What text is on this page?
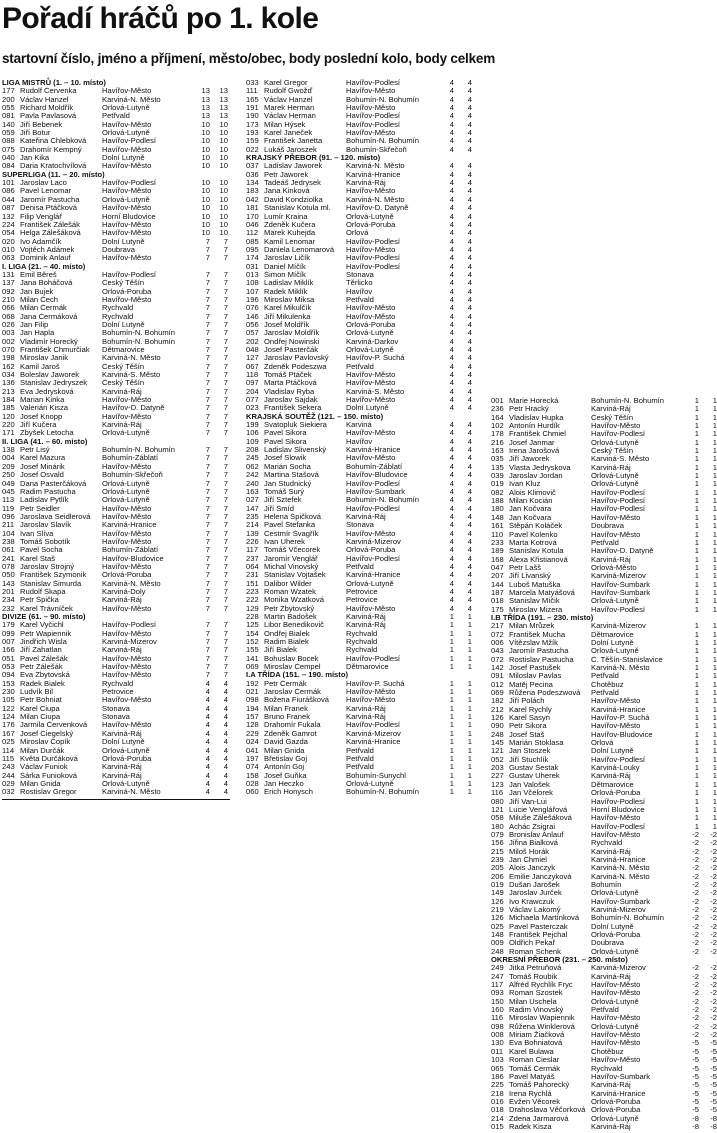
Pořadí hráčů po 1. kole
startovní číslo, jméno a příjmení, město/obec, body poslední kolo, body celkem
LIGA MISTRŮ (1. – 10. místo)
177 Rudolf Červenka	Havířov-Město	13	13
200 Václav Hanzel	Karviná-N. Město	13	13
055 Richard Moldřík	Orlová-Lutyně	13	13
081 Pavla Pavlasová	Petřvald	13	13
140 Jiří Bebenek	Havířov-Město	10	10
059 Jiří Botur	Orlová-Lutyně	10	10
088 Kateřina Chlebková	Havířov-Podlesí	10	10
075 Drahomír Kempný	Havířov-Město	10	10
040 Jan Kika	Dolní Lutyně	10	10
084 Daria Kratochvílová	Havířov-Město	10	10
SUPERLIGA (11. – 20. místo)
101 Jaroslav Laco	Havířov-Podlesí	10	10
086 Pavel Lenomar	Havířov-Město	10	10
044 Jaromír Pastucha	Orlová-Lutyně	10	10
087 Denisa Ptáčková	Havířov-Město	10	10
132 Filip Venglář	Horní Bludovice	10	10
224 František Zálešák	Havířov-Město	10	10
054 Helga Zálešáková	Havířov-Město	10	10
020 Ivo Adamčík	Dolní Lutyně	7	7
010 Vojtěch Adámek	Doubrava	7	7
063 Dominik Anlauf	Havířov-Město	7	7
I. LIGA (21. – 40. místo)
131 Emil Běreš	Havířov-Podlesí	7	7
137 Jana Boháčová	Český Těšín	7	7
092 Jan Bujek	Orlová-Poruba	7	7
210 Milan Čech	Havířov-Město	7	7
066 Milan Čermák	Rychvald	7	7
068 Jana Čermáková	Rychvald	7	7
026 Jan Filip	Dolní Lutyně	7	7
003 Jan Hapla	Bohumín-N. Bohumín	7	7
002 Vladimír Horecký	Bohumín-N. Bohumín	7	7
070 František Chmurčiak	Dětmarovice	7	7
198 Miroslav Janik	Karviná-N. Město	7	7
162 Kamil Jaroš	Český Těšín	7	7
034 Boleslav Jaworek	Karviná-S. Město	7	7
136 Stanislav Jedryszek	Český Těšín	7	7
213 Eva Jedrysková	Karviná-Ráj	7	7
184 Marian Kinka	Havířov-Město	7	7
185 Valerián Kisza	Havířov-D. Datyně	7	7
120 Josef Knopp	Havířov-Město	7	7
220 Jiří Kučera	Karviná-Ráj	7	7
171 Zbyšek Letocha	Orlová-Lutyně	7	7
II. LIGA (41. – 60. místo)
138 Petr Lisý	Bohumín-N. Bohumín	7	7
004 Karel Mazura	Bohumín-Záblatí	7	7
209 Josef Minárik	Havířov-Město	7	7
250 Josef Osvald	Bohumín-Skřečoň	7	7
049 Dana Pasterčáková	Orlová-Lutyně	7	7
045 Radim Pastucha	Orlová-Lutyně	7	7
113 Ladislav Pytlík	Orlová-Lutyně	7	7
119 Petr Seidler	Havířov-Město	7	7
096 Jaroslava Seidlerová	Havířov-Město	7	7
211 Jaroslav Slavík	Karviná-Hranice	7	7
104 Ivan Slíva	Havířov-Město	7	7
238 Tomáš Sobotík	Havířov-Město	7	7
061 Pavel Socha	Bohumín-Záblatí	7	7
241 Karel Staš	Havířov-Bludovice	7	7
078 Jaroslav Strojný	Havířov-Město	7	7
050 František Szymonik	Orlová-Poruba	7	7
143 Stanislav Šimurda	Karviná-N. Město	7	7
201 Rudolf Škapa	Karviná-Doly	7	7
234 Petr Špička	Karviná-Ráj	7	7
232 Karel Trávníček	Havířov-Město	7	7
DIVIZE (61. – 90. místo)
179 Karel Vyčichl	Havířov-Podlesí	7	7
099 Petr Wapiennik	Havířov-Město	7	7
007 Jindřich Wisla	Karviná-Mizerov	7	7
166 Jiří Zahatlan	Karviná-Ráj	7	7
051 Pavel Zálešák	Havířov-Město	7	7
053 Petr Zálešák	Havířov-Město	7	7
094 Eva Zbytovská	Havířov-Město	7	7
153 Radek Bialek	Rychvald	4	4
230 Ludvík Bil	Petrovice	4	4
105 Petr Bohniat	Havířov-Město	4	4
122 Karel Ciupa	Stonava	4	4
124 Milan Ciupa	Stonava	4	4
176 Jarmila Červenková	Havířov-Město	4	4
167 Josef Čiegelský	Karviná-Ráj	4	4
025 Miroslav Čopík	Dolní Lutyně	4	4
114 Milan Durčák	Orlová-Lutyně	4	4
115 Květa Durčáková	Orlová-Poruba	4	4
243 Václav Funiok	Karviná-Ráj	4	4
244 Šárka Funioková	Karviná-Ráj	4	4
029 Milan Gnida	Orlová-Lutyně	4	4
032 Rostislav Gregor	Karviná-N. Město	4	4
033 Karel Gregor	Havířov-Podlesí	4	4
111 Rudolf Gwožď	Havířov-Město	4	4
165 Václav Hanzel	Bohumín-N. Bohumín	4	4
191 Marek Herman	Havířov-Město	4	4
190 Václav Herman	Havířov-Podlesí	4	4
173 Milan Hýsek	Havířov-Podlesí	4	4
193 Karel Janeček	Havířov-Město	4	4
159 František Janetta	Bohumín-N. Bohumín	4	4
022 Lukáš Jaroszek	Bohumín-Skřečoň	4	4
KRAJSKÝ PŘEBOR (91. – 120. místo)
037 Ladislav Jaworek	Karviná-N. Město	4	4
036 Petr Jaworek	Karviná-Hranice	4	4
134 Tadeáš Jedrysek	Karviná-Ráj	4	4
183 Jana Kinková	Havířov-Město	4	4
042 David Kondziolka	Karviná-N. Město	4	4
181 Stanislav Kotula ml.	Havířov-D. Datyně	4	4
170 Lumír Kraina	Orlová-Lutyně	4	4
046 Zdeněk Kučera	Orlová-Poruba	4	4
112 Marek Kuhejda	Orlová	4	4
085 Kamil Lenomar	Havířov-Podlesí	4	4
095 Daniela Lenomarová	Havířov-Město	4	4
174 Jaroslav Ličík	Havířov-Podlesí	4	4
031 Daniel Míčík	Havířov-Podlesí	4	4
013 Šimon Míčík	Stonava	4	4
108 Ladislav Miklík	Těrlicko	4	4
107 Radek Miklík	Havířov	4	4
196 Miroslav Miksa	Petřvald	4	4
076 Karel Mikulčík	Havířov-Město	4	4
146 Jiří Mikulenka	Havířov-Město	4	4
056 Josef Moldřík	Orlová-Poruba	4	4
057 Jaroslav Moldřík	Orlová-Lutyně	4	4
202 Ondřej Nowinski	Karviná-Darkov	4	4
048 Josef Pasterčák	Orlová-Lutyně	4	4
127 Jaroslav Pavlovský	Havířov-P. Suchá	4	4
067 Zdeněk Podeszwa	Petřvald	4	4
118 Tomáš Ptáček	Havířov-Město	4	4
097 Marta Ptáčková	Havířov-Město	4	4
204 Vladislav Ryba	Karviná-S. Město	4	4
077 Jaroslav Sajdak	Havířov-Město	4	4
023 František Sekera	Dolní Lutyně	4	4
KRAJSKÁ SOUTĚŽ (121. – 150. místo)
199 Svatopluk Siekiera	Karviná	4	4
106 Pavel Sikora	Havířov-Město	4	4
109 Pavel Sikora	Havířov	4	4
208 Ladislav Slivenský	Karviná-Hranice	4	4
245 Josef Slowik	Havířov-Město	4	4
062 Marián Socha	Bohumín-Záblatí	4	4
242 Martina Stašová	Havířov-Bludovice	4	4
240 Jan Studnický	Havířov-Podlesí	4	4
163 Tomáš Surý	Havířov-Šumbark	4	4
027 Jiří Sztefek	Bohumín-N. Bohumín	4	4
147 Jiří Šmíd	Havířov-Podlesí	4	4
235 Helena Špičková	Karviná-Ráj	4	4
214 Pavel Štefanka	Stonava	4	4
139 Čestmír Švagřík	Havířov-Město	4	4
226 Ivan Uherek	Karviná-Mizerov	4	4
117 Tomáš Včecorek	Orlová-Poruba	4	4
237 Jaromír Venglář	Havířov-Podlesí	4	4
064 Michal Vinovský	Petřvald	4	4
231 Stanislav Vojtašek	Karviná-Hranice	4	4
151 Dalibor Wilder	Orlová-Lutyně	4	4
223 Roman Wzatek	Petrovice	4	4
222 Monika Wzatková	Petrovice	4	4
129 Petr Zbytovský	Havířov-Město	4	4
228 Martin Badošek	Karviná-Ráj	1	1
125 Libor Benedikovič	Karviná-Ráj	1	1
154 Ondřej Bialek	Rychvald	1	1
152 Radim Bialek	Rychvald	1	1
155 Jiří Bialek	Rychvald	1	1
141 Bohuslav Bocek	Havířov-Podlesí	1	1
069 Miroslav Čempel	Dětmarovice	1	1
I.A TŘÍDA (151. – 190. místo)
192 Petr Čermák	Havířov-P. Suchá	1	1
021 Jaroslav Čermák	Havířov-Město	1	1
098 Božena Fiurášková	Havířov-Město	1	1
194 Milan Franek	Karviná-Ráj	1	1
157 Bruno Franek	Karviná-Ráj	1	1
128 Drahomír Fukala	Havířov-Podlesí	1	1
229 Zdeněk Gamrot	Karviná-Mizerov	1	1
024 David Gazda	Karviná-Hranice	1	1
041 Milan Gnida	Petřvald	1	1
197 Břetislav Goj	Petřvald	1	1
074 Antonín Goj	Petřvald	1	1
158 Josef Guňka	Bohumín-Šunychl	1	1
028 Jan Heczko	Orlová-Lutyně	1	1
060 Erich Honysch	Bohumín-N. Bohumín	1	1
001 Marie Horecká	Bohumín-N. Bohumín	1	1
236 Petr Hracký	Karviná-Ráj	1	1
164 Vladislav Hupka	Český Těšín	1	1
102 Antonín Hurdík	Havířov-Město	1	1
178 František Chmiel	Havířov-Podlesí	1	1
216 Josef Janmar	Orlová-Lutyně	1	1
163 Irena Jarošová	Český Těšín	1	1
035 Jiří Jaworek	Karviná-S. Město	1	1
135 Vlasta Jedryskova	Karviná-Ráj	1	1
039 Jaroslav Jordan	Orlová-Lutyně	1	1
019 Ivan Kluz	Orlová-Lutyně	1	1
082 Alois Klimovič	Havířov-Podlesí	1	1
188 Milan Kocián	Havířov-Podlesí	1	1
180 Jan Kočvara	Havířov-Podlesí	1	1
148 Jan Kočvara	Havířov-Město	1	1
161 Štěpán Koláček	Doubrava	1	1
110 Pavel Kolenko	Havířov-Město	1	1
233 Marta Kotrová	Petřvald	1	1
189 Stanislav Kotula	Havířov-D. Datyně	1	1
168 Alexa Křistianová	Karviná-Ráj	1	1
047 Petr Lašš	Orlová-Město	1	1
207 Jiří Livanský	Karviná-Mizerov	1	1
144 Luboš Matuška	Havířov-Šumbark	1	1
187 Marcela Matyášová	Havířov-Šumbark	1	1
018 Stanislav Míčik	Orlová-Lutyně	1	1
175 Miroslav Mizera	Havířov-Podlesí	1	1
I.B TŘÍDA (191. – 230. místo)
217 Milan Mrůzek	Karviná-Mizerov	1	1
072 František Mucha	Dětmarovice	1	1
006 Vítězslav Mžík	Dolní Lutyně	1	1
043 Jaromír Pastucha	Orlová-Lutyně	1	1
072 Rostislav Pastucha	Č. Těšín-Stanislavice	1	1
142 Josef Pastušek	Karviná-N. Město	1	1
091 Miloslav Pavlas	Petřvald	1	1
012 Matěj Pecina	Chotěbuz	1	1
069 Růžena Podeszwová	Petřvald	1	1
182 Jiří Polách	Havířov-Město	1	1
212 Karel Rychly	Karviná-Hranice	1	1
126 Karel Sasyn	Havířov-P. Suchá	1	1
090 Petr Sikora	Havířov-Město	1	1
248 Josef Staš	Havířov-Bludovice	1	1
145 Marián Stoklasa	Orlová	1	1
121 Jan Stoszek	Dolní Lutyně	1	1
052 Jiří Štuchlík	Havířov-Podlesí	1	1
203 Gustav Šestak	Karviná-Louky	1	1
227 Gustav Uherek	Karviná-Ráj	1	1
123 Jan Valošek	Dětmarovice	1	1
116 Jan Včelorek	Orlová-Poruba	1	1
080 Jiří Van-Lui	Havířov-Podlesí	1	1
121 Lucie Venglářová	Horní Bludovice	1	1
058 Miluše Zálešáková	Havířov-Město	1	1
180 Achác Zsigrai	Havířov-Podlesí	1	1
079 Bronislav Anlauf	Havířov-Město	-2	-2
156 Jiřina Bialková	Rychvald	-2	-2
215 Miloš Horák	Karviná-Ráj	-2	-2
239 Jan Chmiel	Karviná-Hranice	-2	-2
205 Alois Janczyk	Karviná-N. Město	-2	-2
206 Emilie Janczyková	Karviná-N. Město	-2	-2
019 Dušan Jarošek	Bohumín	-2	-2
149 Jaroslav Jurček	Orlová-Lutyně	-2	-2
126 Ivo Krawczuk	Havířov-Šumbark	-2	-2
219 Václav Lakomý	Karviná-Mizerov	-2	-2
126 Michaela Martínková	Bohumín-N. Bohumín	-2	-2
025 Pavel Pasterczak	Dolní Lutyně	-2	-2
148 František Pejchal	Orlová-Poruba	-2	-2
009 Oldřich Pekař	Doubrava	-2	-2
248 Roman Schenk	Orlová-Lutyně	-2	-2
OKRESNÍ PŘEBOR (231. – 250. místo)
249 Jitka Petruňová	Karviná-Mizerov	-2	-2
247 Tomáš Roubik	Karviná-Ráj	-2	-2
117 Alfréd Rychlík Fryc	Havířov-Město	-2	-2
093 Roman Szostek	Havířov-Město	-2	-2
150 Milan Uschela	Orlová-Lutyně	-2	-2
160 Radim Vinovský	Petřvald	-2	-2
116 Miroslav Wapiennik	Havířov-Město	-2	-2
098 Růžena Winklerová	Orlová-Lutyně	-2	-2
008 Miriam Žiačková	Havířov-Město	-2	-2
130 Eva Bohniatová	Havířov-Město	-5	-5
011 Karel Bulawa	Chotěbuz	-5	-5
103 Roman Cieslar	Havířov-Město	-5	-5
065 Tomáš Čermák	Rychvald	-5	-5
186 Pavel Matyáš	Havířov-Šumbark	-5	-5
225 Tomáš Pahorecký	Karviná-Ráj	-5	-5
218 Irena Rychlá	Karviná-Hranice	-5	-5
016 Evžen Věcorek	Orlová-Poruba	-5	-5
018 Drahoslava Věčorková Orlová-Poruba	-5	-5
214 Zdena Jarmarová	Orlová-Lutyně	-8	-8
015 Radek Kisza	Karviná-Ráj	-8	-8
